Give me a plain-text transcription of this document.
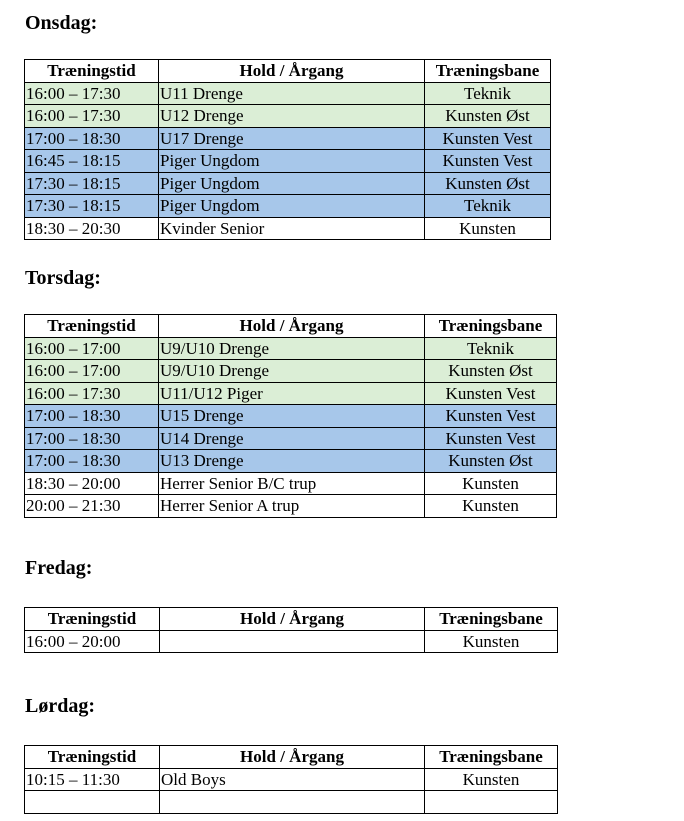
Onsdag:
Træningstid	Hold / Årgang	Træningsbane
16:00 – 17:30	U11 Drenge	Teknik
16:00 – 17:30	U12 Drenge	Kunsten Øst
17:00 – 18:30	U17 Drenge	Kunsten Vest
16:45 – 18:15	Piger Ungdom	Kunsten Vest
17:30 – 18:15	Piger Ungdom	Kunsten Øst
17:30 – 18:15	Piger Ungdom	Teknik
18:30 – 20:30	Kvinder Senior	Kunsten
Torsdag:
Træningstid	Hold / Årgang	Træningsbane
16:00 – 17:00	U9/U10 Drenge	Teknik
16:00 – 17:00	U9/U10 Drenge	Kunsten Øst
16:00 – 17:30	U11/U12 Piger	Kunsten Vest
17:00 – 18:30	U15 Drenge	Kunsten Vest
17:00 – 18:30	U14 Drenge	Kunsten Vest
17:00 – 18:30	U13 Drenge	Kunsten Øst
18:30 – 20:00	Herrer Senior B/C trup	Kunsten
20:00 – 21:30	Herrer Senior A trup	Kunsten
Fredag:
Træningstid	Hold / Årgang	Træningsbane
16:00 – 20:00		Kunsten
Lørdag:
Træningstid	Hold / Årgang	Træningsbane
10:15 – 11:30	Old Boys	Kunsten
